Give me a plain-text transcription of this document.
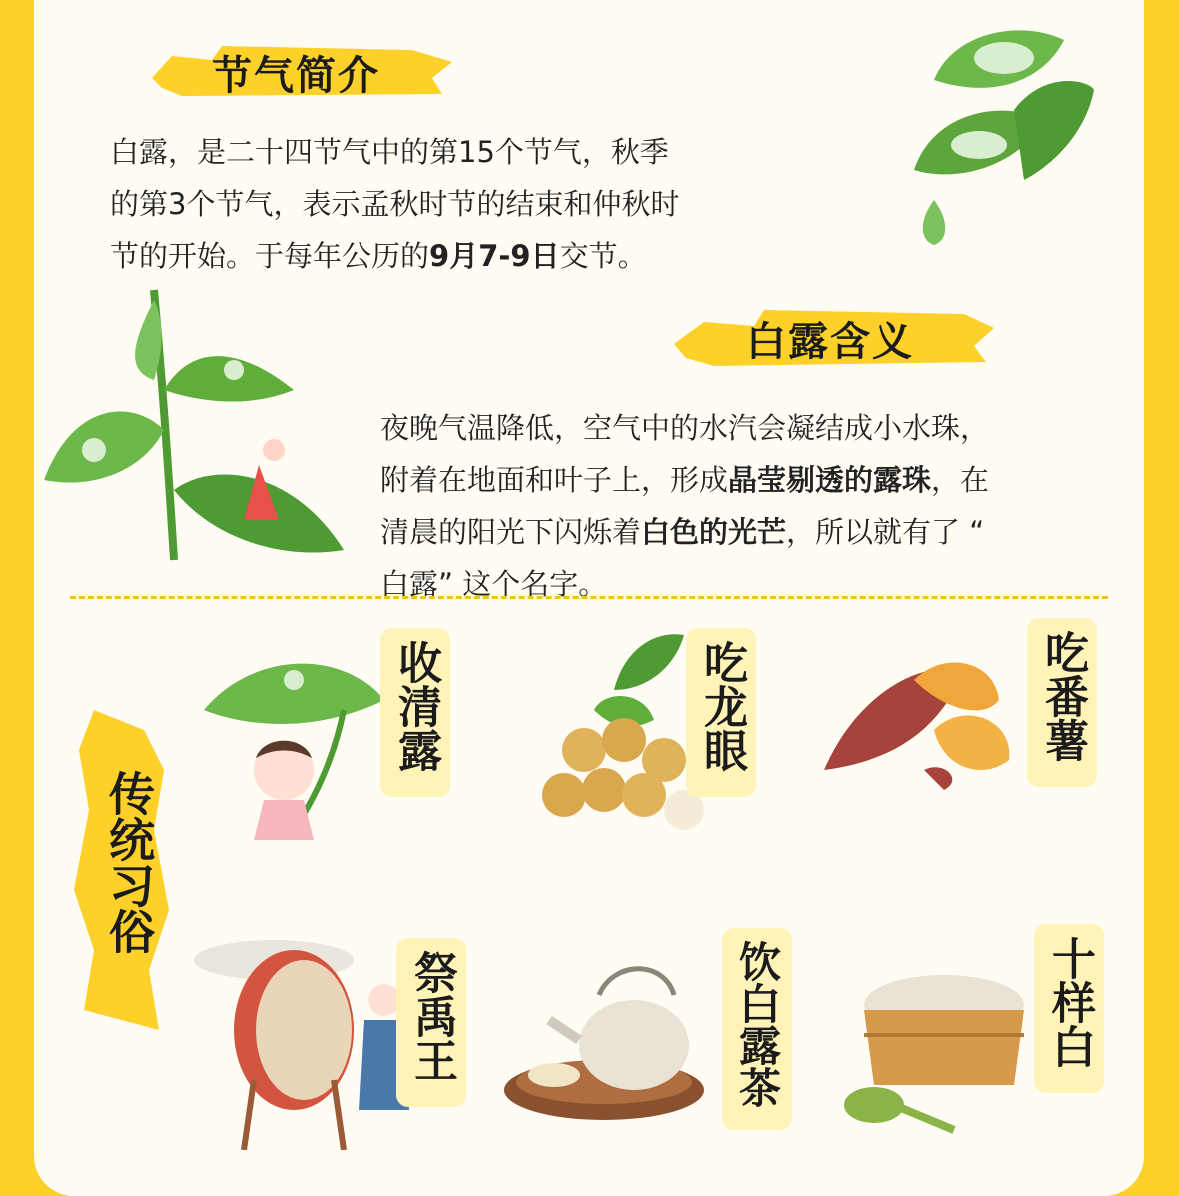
节气简介
白露，是二十四节气中的第15个节气，秋季
的第3个节气，表示孟秋时节的结束和仲秋时
节的开始。于每年公历的9月7-9日交节。
白露含义
夜晚气温降低，空气中的水汽会凝结成小水珠，
附着在地面和叶子上，形成晶莹剔透的露珠，在
清晨的阳光下闪烁着白色的光芒，所以就有了 “
白露” 这个名字。
传统习俗
收清露	吃龙眼	吃番薯
祭禹王	饮白露茶	十样白
